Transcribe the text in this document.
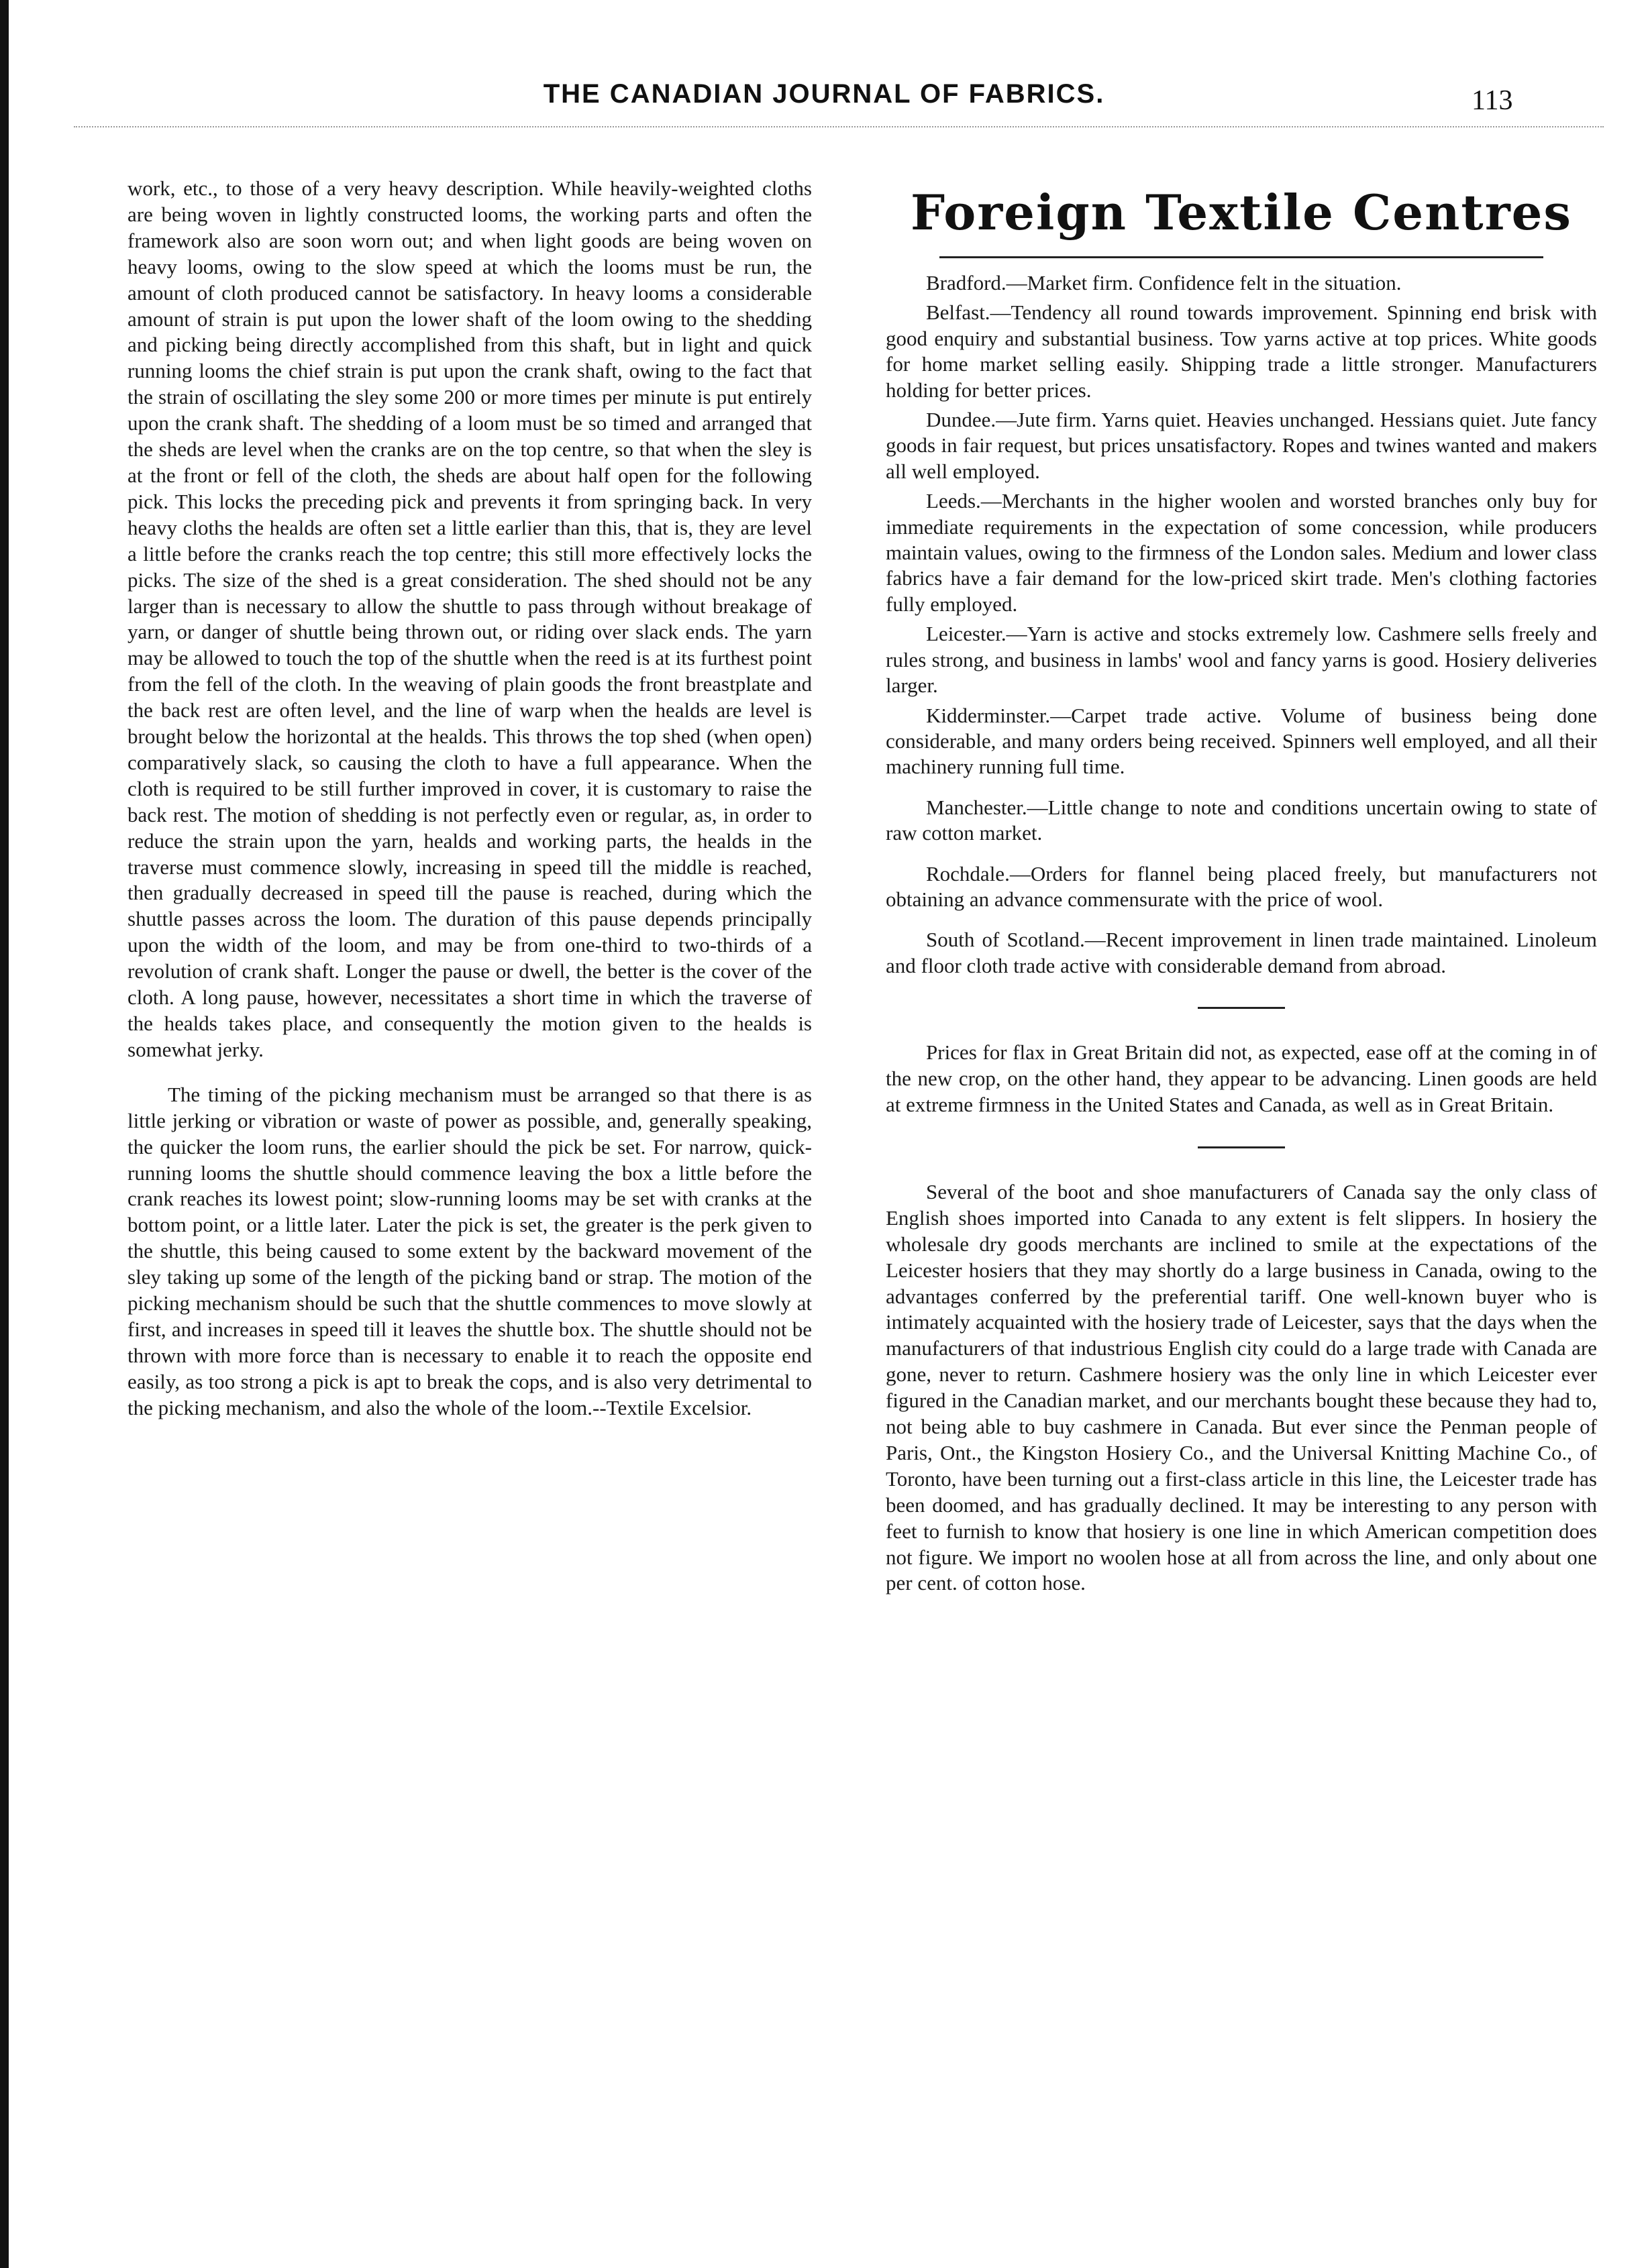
THE CANADIAN JOURNAL OF FABRICS.	113

work, etc., to those of a very heavy description. While heavily-weighted cloths are being woven in lightly constructed looms, the working parts and often the framework also are soon worn out; and when light goods are being woven on heavy looms, owing to the slow speed at which the looms must be run, the amount of cloth produced cannot be satisfactory. In heavy looms a considerable amount of strain is put upon the lower shaft of the loom owing to the shedding and picking being directly accomplished from this shaft, but in light and quick running looms the chief strain is put upon the crank shaft, owing to the fact that the strain of oscillating the sley some 200 or more times per minute is put entirely upon the crank shaft. The shedding of a loom must be so timed and arranged that the sheds are level when the cranks are on the top centre, so that when the sley is at the front or fell of the cloth, the sheds are about half open for the following pick. This locks the preceding pick and prevents it from springing back. In very heavy cloths the healds are often set a little earlier than this, that is, they are level a little before the cranks reach the top centre; this still more effectively locks the picks. The size of the shed is a great consideration. The shed should not be any larger than is necessary to allow the shuttle to pass through without breakage of yarn, or danger of shuttle being thrown out, or riding over slack ends. The yarn may be allowed to touch the top of the shuttle when the reed is at its furthest point from the fell of the cloth. In the weaving of plain goods the front breastplate and the back rest are often level, and the line of warp when the healds are level is brought below the horizontal at the healds. This throws the top shed (when open) comparatively slack, so causing the cloth to have a full appearance. When the cloth is required to be still further improved in cover, it is customary to raise the back rest. The motion of shedding is not perfectly even or regular, as, in order to reduce the strain upon the yarn, healds and working parts, the healds in the traverse must commence slowly, increasing in speed till the middle is reached, then gradually decreased in speed till the pause is reached, during which the shuttle passes across the loom. The duration of this pause depends principally upon the width of the loom, and may be from one-third to two-thirds of a revolution of crank shaft. Longer the pause or dwell, the better is the cover of the cloth. A long pause, however, necessitates a short time in which the traverse of the healds takes place, and consequently the motion given to the healds is somewhat jerky.

The timing of the picking mechanism must be arranged so that there is as little jerking or vibration or waste of power as possible, and, generally speaking, the quicker the loom runs, the earlier should the pick be set. For narrow, quick-running looms the shuttle should commence leaving the box a little before the crank reaches its lowest point; slow-running looms may be set with cranks at the bottom point, or a little later. Later the pick is set, the greater is the perk given to the shuttle, this being caused to some extent by the backward movement of the sley taking up some of the length of the picking band or strap. The motion of the picking mechanism should be such that the shuttle commences to move slowly at first, and increases in speed till it leaves the shuttle box. The shuttle should not be thrown with more force than is necessary to enable it to reach the opposite end easily, as too strong a pick is apt to break the cops, and is also very detrimental to the picking mechanism, and also the whole of the loom.--Textile Excelsior.

Foreign Textile Centres

Bradford.—Market firm. Confidence felt in the situation.

Belfast.—Tendency all round towards improvement. Spinning end brisk with good enquiry and substantial business. Tow yarns active at top prices. White goods for home market selling easily. Shipping trade a little stronger. Manufacturers holding for better prices.

Dundee.—Jute firm. Yarns quiet. Heavies unchanged. Hessians quiet. Jute fancy goods in fair request, but prices unsatisfactory. Ropes and twines wanted and makers all well employed.

Leeds.—Merchants in the higher woolen and worsted branches only buy for immediate requirements in the expectation of some concession, while producers maintain values, owing to the firmness of the London sales. Medium and lower class fabrics have a fair demand for the low-priced skirt trade. Men's clothing factories fully employed.

Leicester.—Yarn is active and stocks extremely low. Cashmere sells freely and rules strong, and business in lambs' wool and fancy yarns is good. Hosiery deliveries larger.

Kidderminster.—Carpet trade active. Volume of business being done considerable, and many orders being received. Spinners well employed, and all their machinery running full time.

Manchester.—Little change to note and conditions uncertain owing to state of raw cotton market.

Rochdale.—Orders for flannel being placed freely, but manufacturers not obtaining an advance commensurate with the price of wool.

South of Scotland.—Recent improvement in linen trade maintained. Linoleum and floor cloth trade active with considerable demand from abroad.

Prices for flax in Great Britain did not, as expected, ease off at the coming in of the new crop, on the other hand, they appear to be advancing. Linen goods are held at extreme firmness in the United States and Canada, as well as in Great Britain.

Several of the boot and shoe manufacturers of Canada say the only class of English shoes imported into Canada to any extent is felt slippers. In hosiery the wholesale dry goods merchants are inclined to smile at the expectations of the Leicester hosiers that they may shortly do a large business in Canada, owing to the advantages conferred by the preferential tariff. One well-known buyer who is intimately acquainted with the hosiery trade of Leicester, says that the days when the manufacturers of that industrious English city could do a large trade with Canada are gone, never to return. Cashmere hosiery was the only line in which Leicester ever figured in the Canadian market, and our merchants bought these because they had to, not being able to buy cashmere in Canada. But ever since the Penman people of Paris, Ont., the Kingston Hosiery Co., and the Universal Knitting Machine Co., of Toronto, have been turning out a first-class article in this line, the Leicester trade has been doomed, and has gradually declined. It may be interesting to any person with feet to furnish to know that hosiery is one line in which American competition does not figure. We import no woolen hose at all from across the line, and only about one per cent. of cotton hose.
